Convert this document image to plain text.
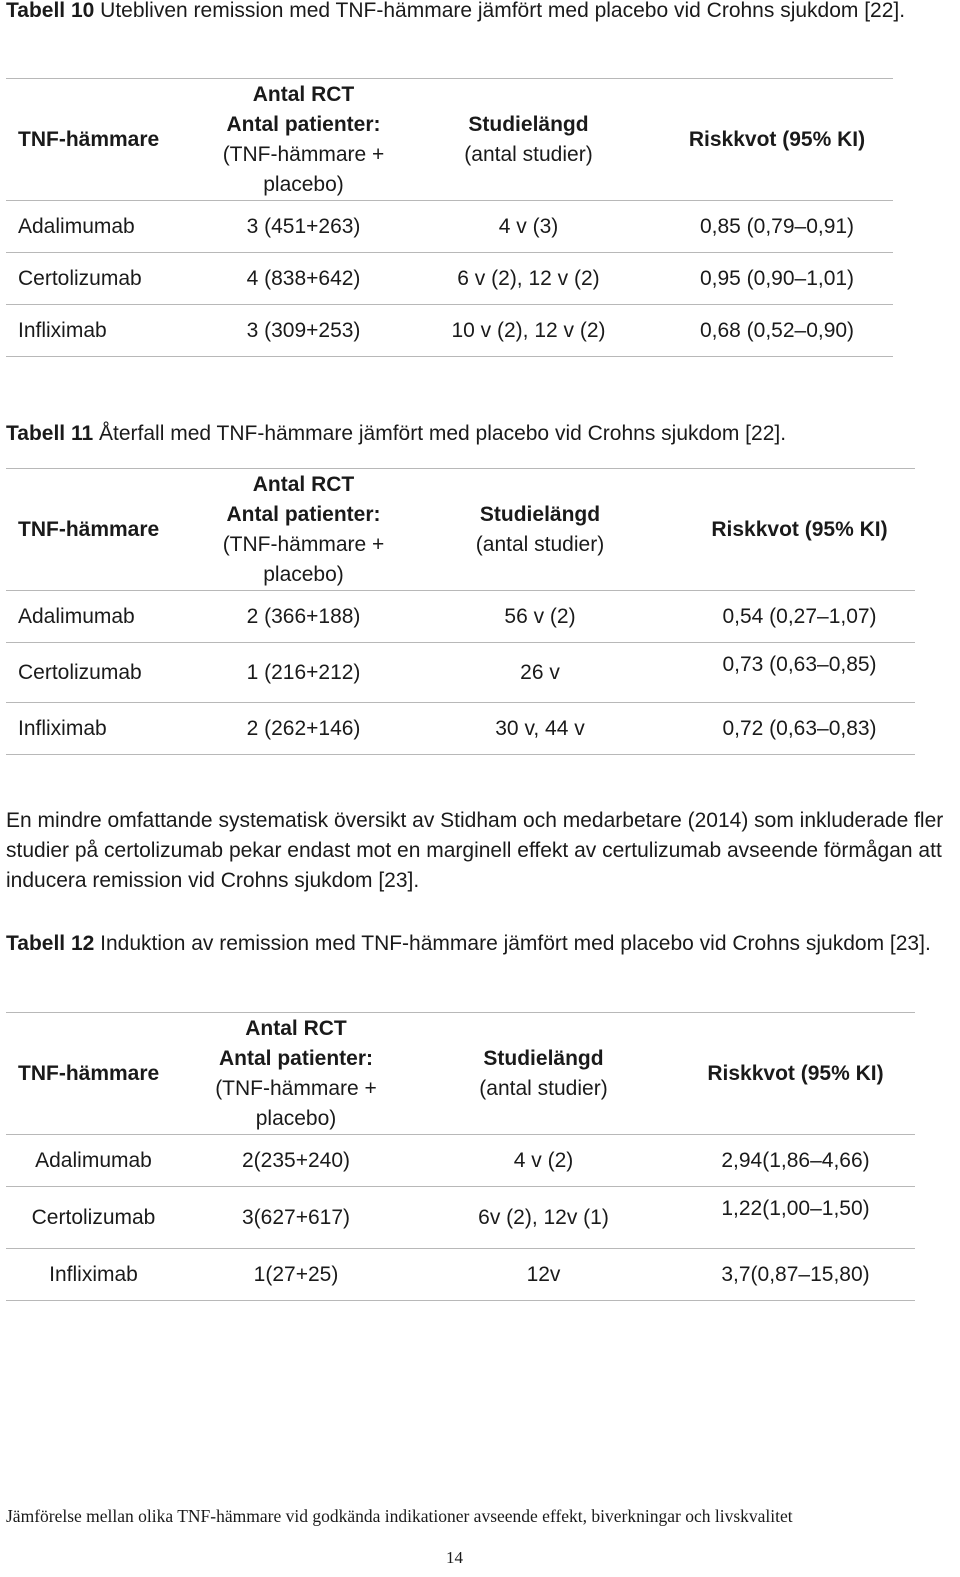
Tabell 10 Utebliven remission med TNF-hämmare jämfört med placebo vid Crohns sjukdom [22].

TNF-hämmare	Antal RCT
Antal patienter:
(TNF-hämmare +
placebo)	Studielängd
(antal studier)	Riskkvot (95% KI)

Adalimumab	3 (451+263)	4 v (3)	0,85 (0,79–0,91)
Certolizumab	4 (838+642)	6 v (2), 12 v (2)	0,95 (0,90–1,01)
Infliximab	3 (309+253)	10 v (2), 12 v (2)	0,68 (0,52–0,90)

Tabell 11 Återfall med TNF-hämmare jämfört med placebo vid Crohns sjukdom [22].

TNF-hämmare	Antal RCT
Antal patienter:
(TNF-hämmare +
placebo)	Studielängd
(antal studier)	Riskkvot (95% KI)

Adalimumab	2 (366+188)	56 v (2)	0,54 (0,27–1,07)
Certolizumab	1 (216+212)	26 v	0,73 (0,63–0,85)
Infliximab	2 (262+146)	30 v, 44 v	0,72 (0,63–0,83)

En mindre omfattande systematisk översikt av Stidham och medarbetare (2014) som inkluderade fler studier på certolizumab pekar endast mot en marginell effekt av certulizumab avseende förmågan att inducera remission vid Crohns sjukdom [23].

Tabell 12 Induktion av remission med TNF-hämmare jämfört med placebo vid Crohns sjukdom [23].

TNF-hämmare	Antal RCT
Antal patienter:
(TNF-hämmare +
placebo)	Studielängd
(antal studier)	Riskkvot (95% KI)

Adalimumab	2(235+240)	4 v (2)	2,94(1,86–4,66)
Certolizumab	3(627+617)	6v (2), 12v (1)	1,22(1,00–1,50)
Infliximab	1(27+25)	12v	3,7(0,87–15,80)
Jämförelse mellan olika TNF-hämmare vid godkända indikationer avseende effekt, biverkningar och livskvalitet
14
